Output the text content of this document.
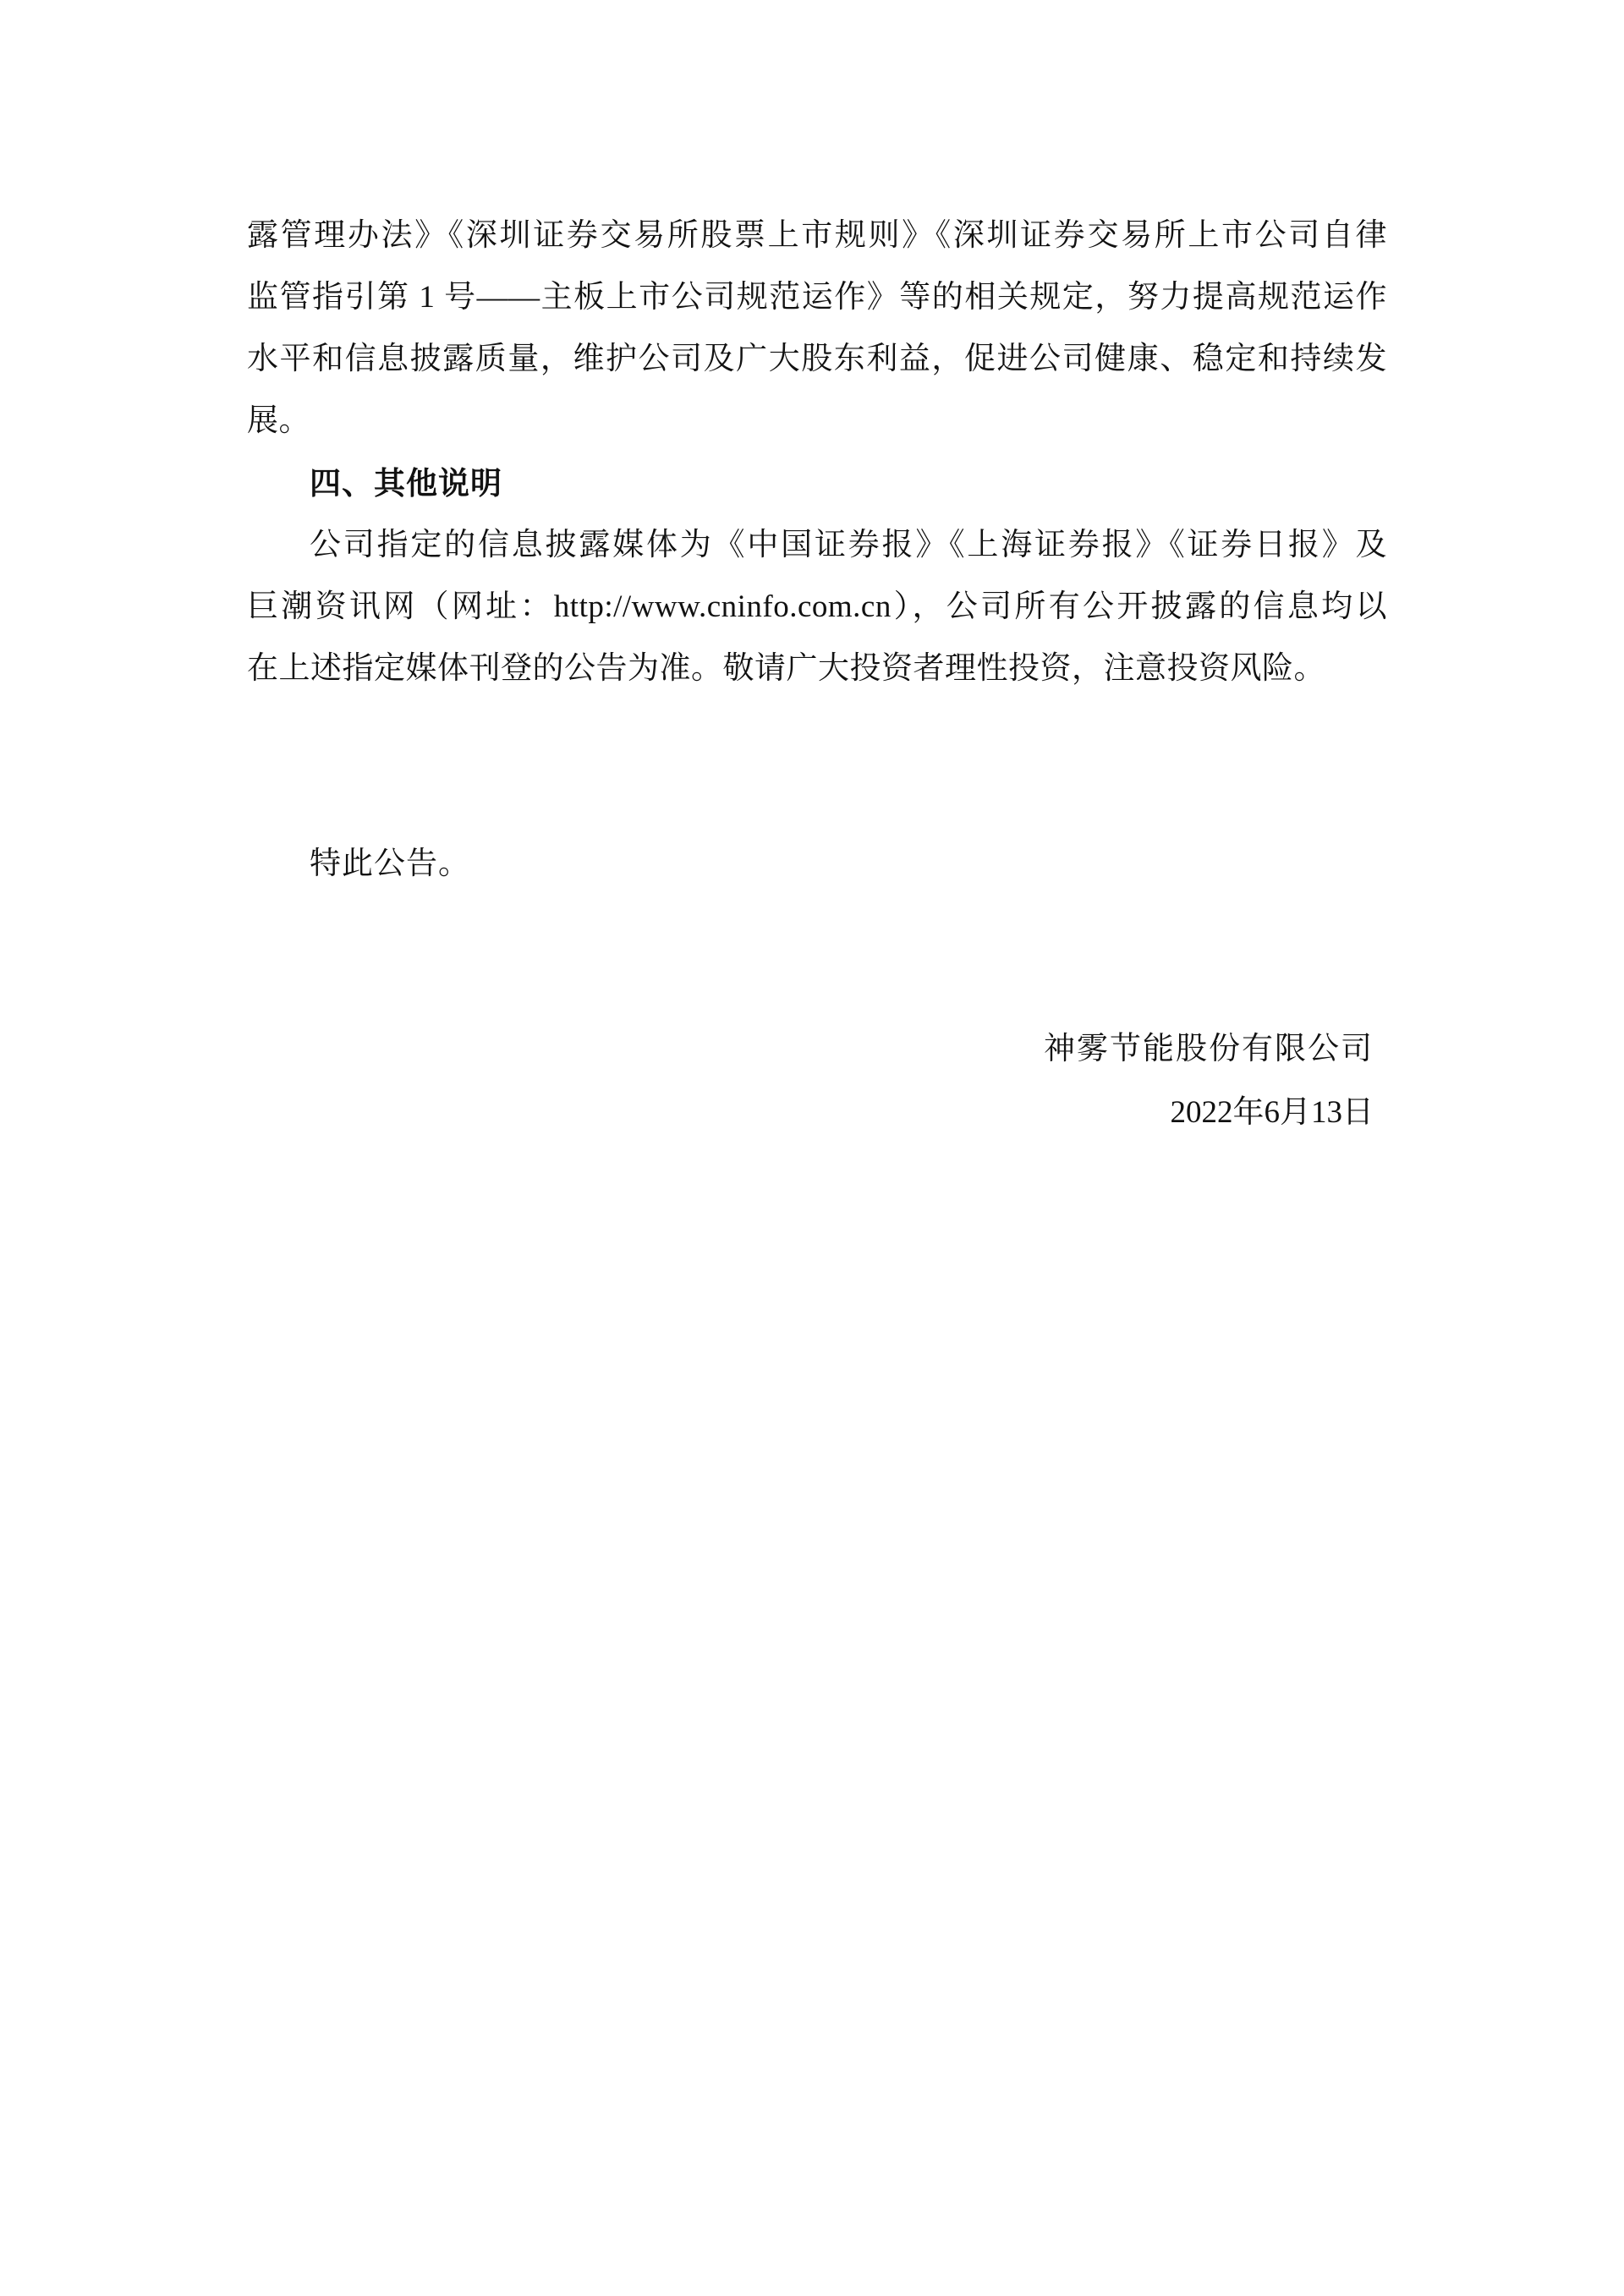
露管理办法》《深圳证券交易所股票上市规则》《深圳证券交易所上市公司自律
监管指引第 1 号——主板上市公司规范运作》等的相关规定，努力提高规范运作
水平和信息披露质量，维护公司及广大股东利益，促进公司健康、稳定和持续发
展。
四、其他说明
公司指定的信息披露媒体为《中国证券报》《上海证券报》《证券日报》及
巨潮资讯网（网址：http://www.cninfo.com.cn），公司所有公开披露的信息均以
在上述指定媒体刊登的公告为准。敬请广大投资者理性投资，注意投资风险。
特此公告。
神雾节能股份有限公司
2022年6月13日
